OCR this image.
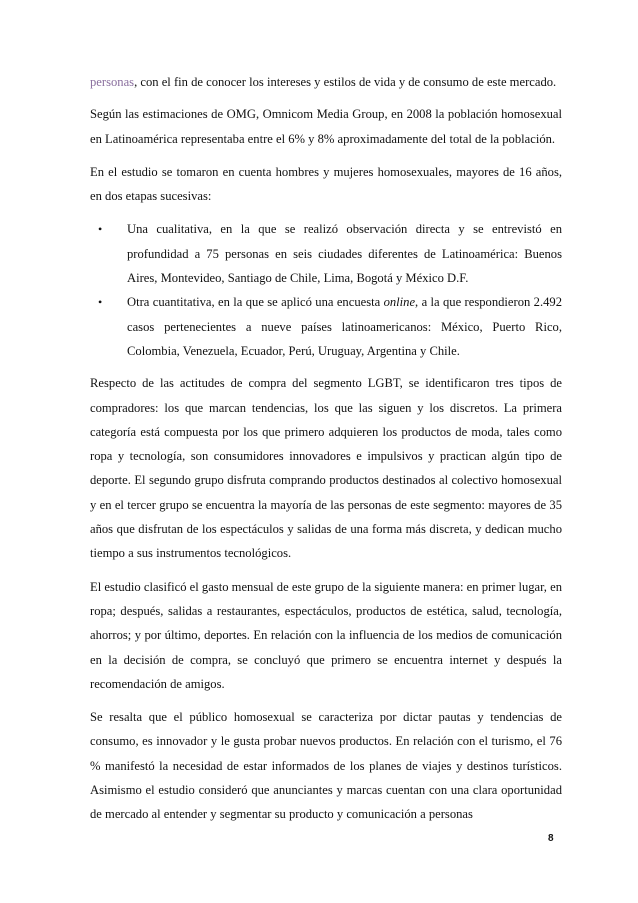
personas, con el fin de conocer los intereses y estilos de vida y de consumo de este mercado.

Según las estimaciones de OMG, Omnicom Media Group, en 2008 la población homosexual en Latinoamérica representaba entre el 6% y 8% aproximadamente del total de la población.

En el estudio se tomaron en cuenta hombres y mujeres homosexuales, mayores de 16 años, en dos etapas sucesivas:

• Una cualitativa, en la que se realizó observación directa y se entrevistó en profundidad a 75 personas en seis ciudades diferentes de Latinoamérica: Buenos Aires, Montevideo, Santiago de Chile, Lima, Bogotá y México D.F.
• Otra cuantitativa, en la que se aplicó una encuesta online, a la que respondieron 2.492 casos pertenecientes a nueve países latinoamericanos: México, Puerto Rico, Colombia, Venezuela, Ecuador, Perú, Uruguay, Argentina y Chile.

Respecto de las actitudes de compra del segmento LGBT, se identificaron tres tipos de compradores: los que marcan tendencias, los que las siguen y los discretos. La primera categoría está compuesta por los que primero adquieren los productos de moda, tales como ropa y tecnología, son consumidores innovadores e impulsivos y practican algún tipo de deporte. El segundo grupo disfruta comprando productos destinados al colectivo homosexual y en el tercer grupo se encuentra la mayoría de las personas de este segmento: mayores de 35 años que disfrutan de los espectáculos y salidas de una forma más discreta, y dedican mucho tiempo a sus instrumentos tecnológicos.

El estudio clasificó el gasto mensual de este grupo de la siguiente manera: en primer lugar, en ropa; después, salidas a restaurantes, espectáculos, productos de estética, salud, tecnología, ahorros; y por último, deportes. En relación con la influencia de los medios de comunicación en la decisión de compra, se concluyó que primero se encuentra internet y después la recomendación de amigos.

Se resalta que el público homosexual se caracteriza por dictar pautas y tendencias de consumo, es innovador y le gusta probar nuevos productos. En relación con el turismo, el 76 % manifestó la necesidad de estar informados de los planes de viajes y destinos turísticos. Asimismo el estudio consideró que anunciantes y marcas cuentan con una clara oportunidad de mercado al entender y segmentar su producto y comunicación a personas

8
